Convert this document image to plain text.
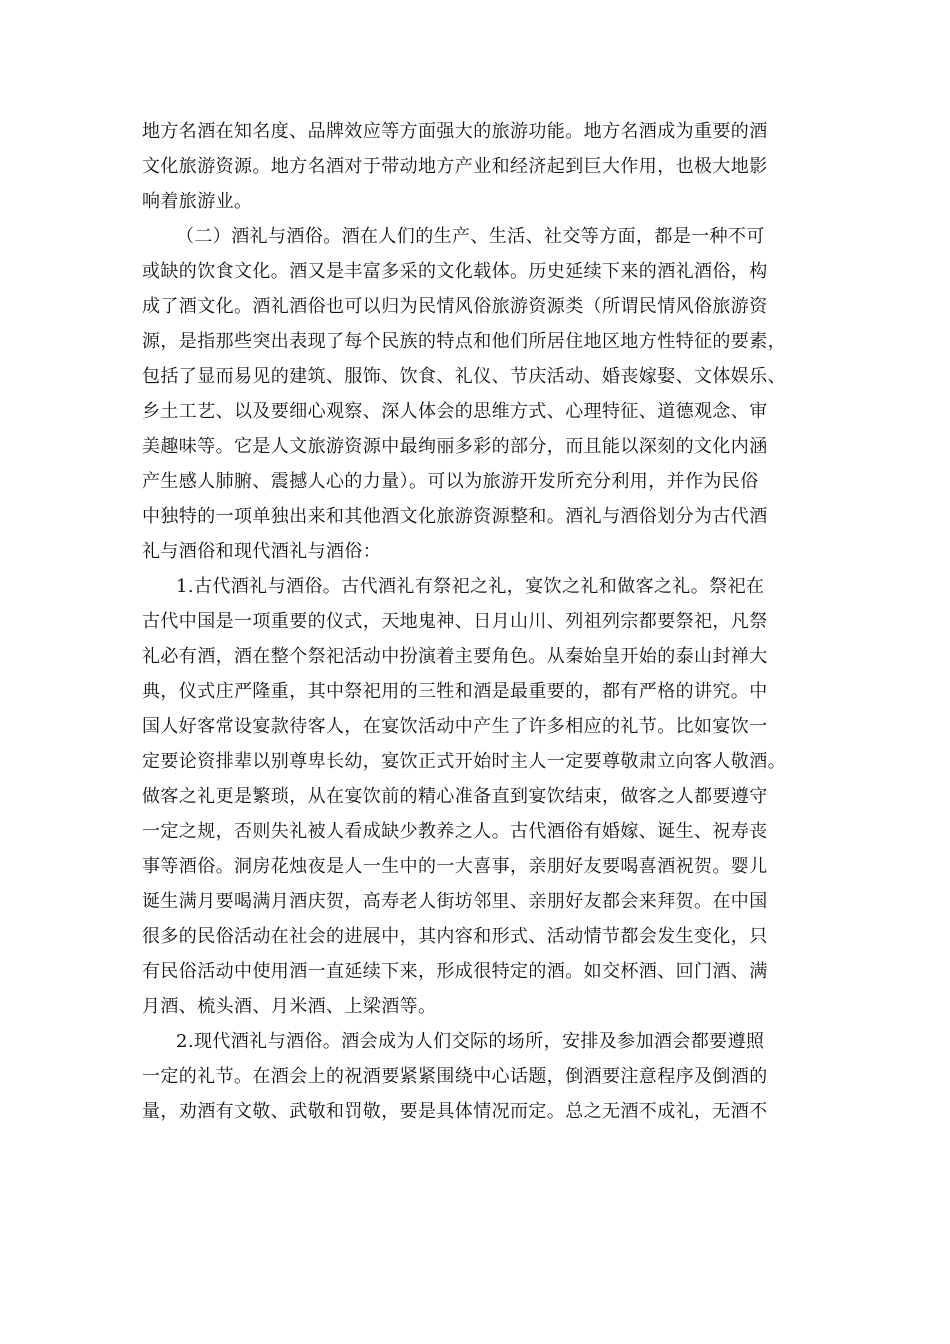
地方名酒在知名度、品牌效应等方面强大的旅游功能。地方名酒成为重要的酒
文化旅游资源。地方名酒对于带动地方产业和经济起到巨大作用，也极大地影
响着旅游业。
（二）酒礼与酒俗。酒在人们的生产、生活、社交等方面，都是一种不可
或缺的饮食文化。酒又是丰富多采的文化载体。历史延续下来的酒礼酒俗，构
成了酒文化。酒礼酒俗也可以归为民情风俗旅游资源类（所谓民情风俗旅游资
源，是指那些突出表现了每个民族的特点和他们所居住地区地方性特征的要素，
包括了显而易见的建筑、服饰、饮食、礼仪、节庆活动、婚丧嫁娶、文体娱乐、
乡土工艺、以及要细心观察、深人体会的思维方式、心理特征、道德观念、审
美趣味等。它是人文旅游资源中最绚丽多彩的部分，而且能以深刻的文化内涵
产生感人肺腑、震撼人心的力量）。可以为旅游开发所充分利用，并作为民俗
中独特的一项单独出来和其他酒文化旅游资源整和。酒礼与酒俗划分为古代酒
礼与酒俗和现代酒礼与酒俗：
1.古代酒礼与酒俗。古代酒礼有祭祀之礼，宴饮之礼和做客之礼。祭祀在
古代中国是一项重要的仪式，天地鬼神、日月山川、列祖列宗都要祭祀，凡祭
礼必有酒，酒在整个祭祀活动中扮演着主要角色。从秦始皇开始的泰山封禅大
典，仪式庄严隆重，其中祭祀用的三牲和酒是最重要的，都有严格的讲究。中
国人好客常设宴款待客人，在宴饮活动中产生了许多相应的礼节。比如宴饮一
定要论资排辈以别尊卑长幼，宴饮正式开始时主人一定要尊敬肃立向客人敬酒。
做客之礼更是繁琐，从在宴饮前的精心准备直到宴饮结束，做客之人都要遵守
一定之规，否则失礼被人看成缺少教养之人。古代酒俗有婚嫁、诞生、祝寿丧
事等酒俗。洞房花烛夜是人一生中的一大喜事，亲朋好友要喝喜酒祝贺。婴儿
诞生满月要喝满月酒庆贺，高寿老人街坊邻里、亲朋好友都会来拜贺。在中国
很多的民俗活动在社会的进展中，其内容和形式、活动情节都会发生变化，只
有民俗活动中使用酒一直延续下来，形成很特定的酒。如交杯酒、回门酒、满
月酒、梳头酒、月米酒、上梁酒等。
2.现代酒礼与酒俗。酒会成为人们交际的场所，安排及参加酒会都要遵照
一定的礼节。在酒会上的祝酒要紧紧围绕中心话题，倒酒要注意程序及倒酒的
量，劝酒有文敬、武敬和罚敬，要是具体情况而定。总之无酒不成礼，无酒不
